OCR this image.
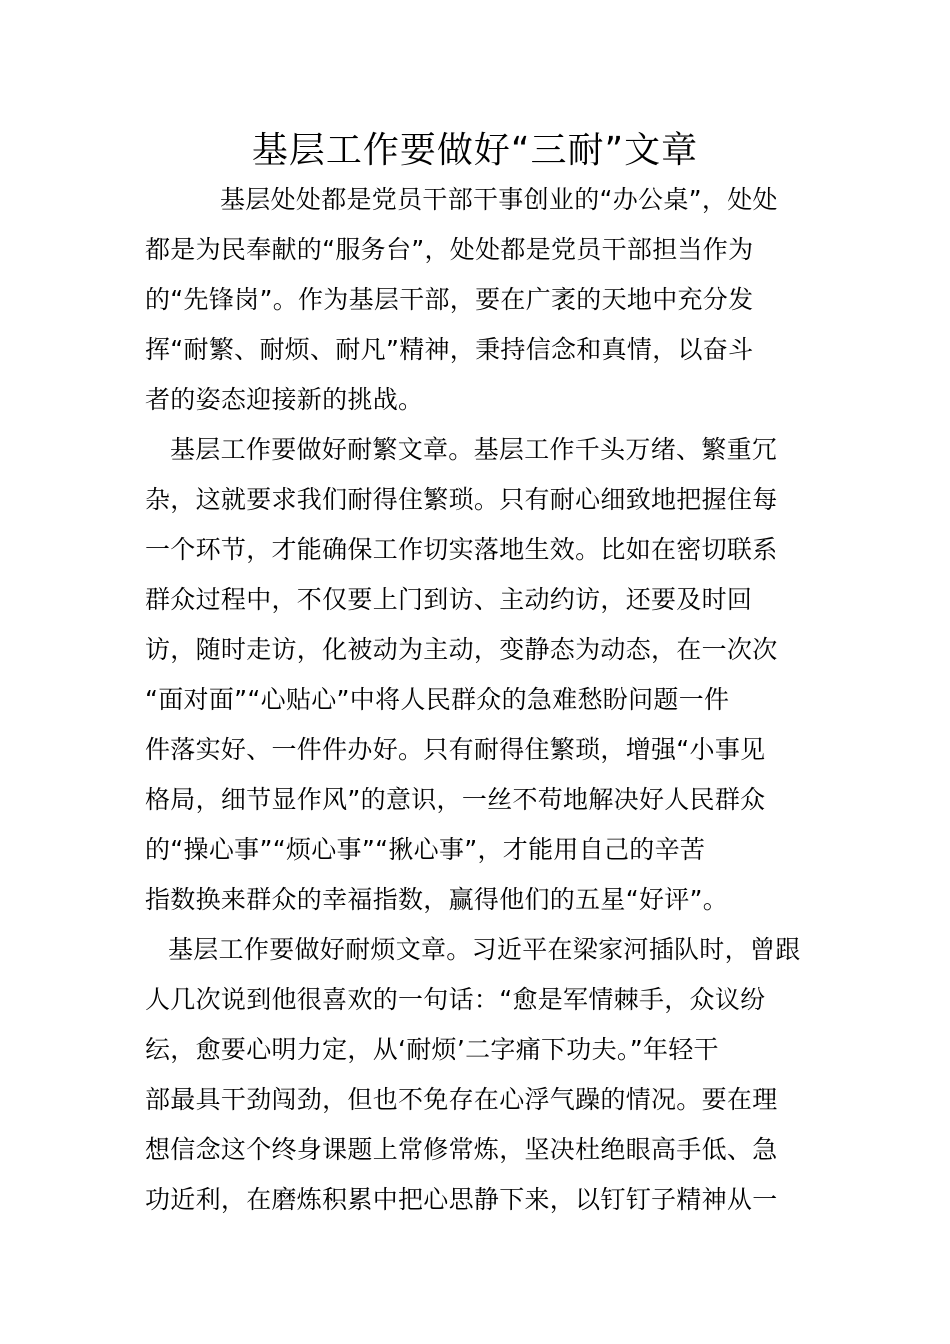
基层工作要做好“三耐”文章
基层处处都是党员干部干事创业的“办公桌”，处处
都是为民奉献的“服务台”，处处都是党员干部担当作为
的“先锋岗”。作为基层干部，要在广袤的天地中充分发
挥“耐繁、耐烦、耐凡”精神，秉持信念和真情，以奋斗
者的姿态迎接新的挑战。
基层工作要做好耐繁文章。基层工作千头万绪、繁重冗
杂，这就要求我们耐得住繁琐。只有耐心细致地把握住每
一个环节，才能确保工作切实落地生效。比如在密切联系
群众过程中，不仅要上门到访、主动约访，还要及时回
访，随时走访，化被动为主动，变静态为动态，在一次次
“面对面”“心贴心”中将人民群众的急难愁盼问题一件
件落实好、一件件办好。只有耐得住繁琐，增强“小事见
格局，细节显作风”的意识，一丝不苟地解决好人民群众
的“操心事”“烦心事”“揪心事”，才能用自己的辛苦
指数换来群众的幸福指数，赢得他们的五星“好评”。
基层工作要做好耐烦文章。习近平在梁家河插队时，曾跟
人几次说到他很喜欢的一句话：“愈是军情棘手，众议纷
纭，愈要心明力定，从‘耐烦’二字痛下功夫。”年轻干
部最具干劲闯劲，但也不免存在心浮气躁的情况。要在理
想信念这个终身课题上常修常炼，坚决杜绝眼高手低、急
功近利，在磨炼积累中把心思静下来，以钉钉子精神从一
